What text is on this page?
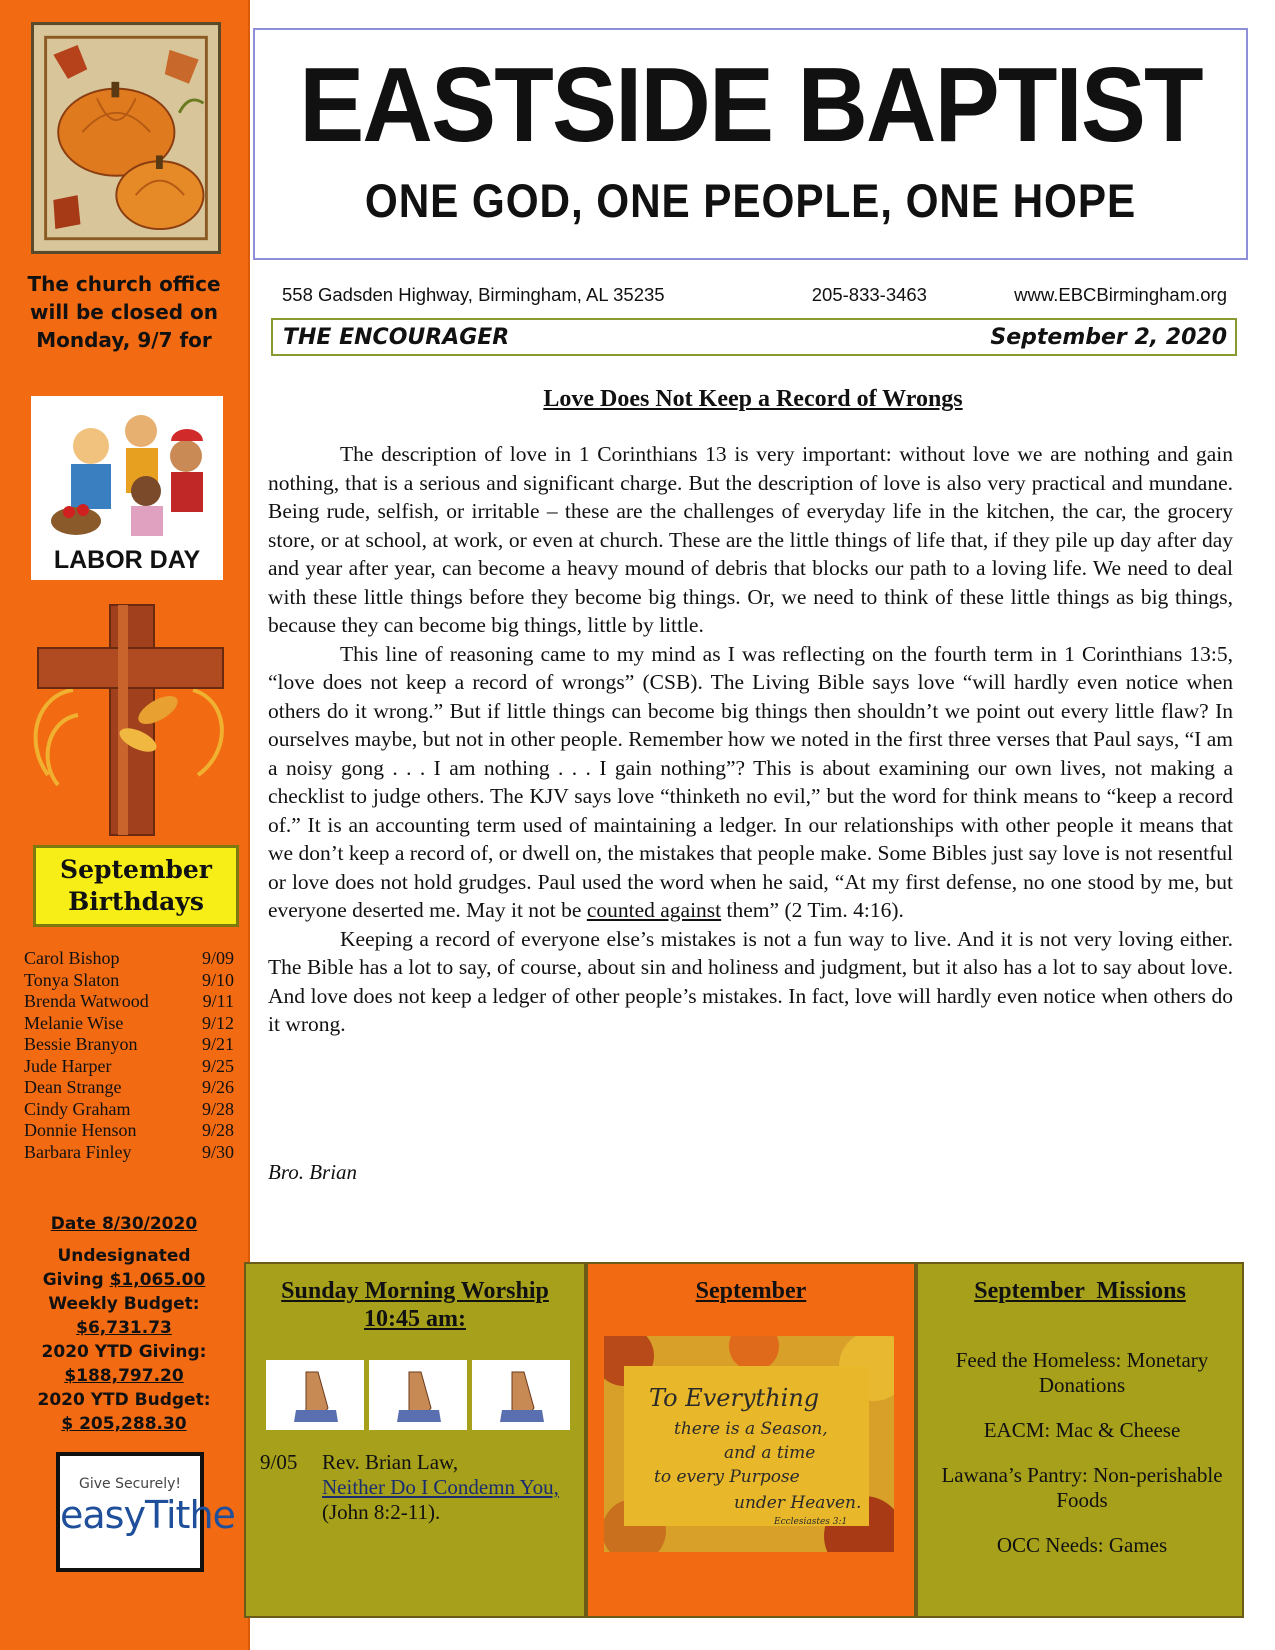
The church office will be closed on Monday, 9/7 for
LABOR DAY
September
Birthdays
Carol Bishop	9/09
Tonya Slaton	9/10
Brenda Watwood	9/11
Melanie Wise	9/12
Bessie Branyon	9/21
Jude Harper	9/25
Dean Strange	9/26
Cindy Graham	9/28
Donnie Henson	9/28
Barbara Finley	9/30
Date 8/30/2020
Undesignated
Giving $1,065.00
Weekly Budget:
$6,731.73
2020 YTD Giving:
$188,797.20
2020 YTD Budget:
$ 205,288.30
Give Securely!
easyTithe
EASTSIDE BAPTIST
ONE GOD, ONE PEOPLE, ONE HOPE
558 Gadsden Highway, Birmingham, AL 35235	205-833-3463	www.EBCBirmingham.org
THE ENCOURAGER	September 2, 2020
Love Does Not Keep a Record of Wrongs

The description of love in 1 Corinthians 13 is very important: without love we are nothing and gain nothing, that is a serious and significant charge. But the description of love is also very practical and mundane. Being rude, selfish, or irritable – these are the challenges of everyday life in the kitchen, the car, the grocery store, or at school, at work, or even at church. These are the little things of life that, if they pile up day after day and year after year, can become a heavy mound of debris that blocks our path to a loving life. We need to deal with these little things before they become big things. Or, we need to think of these little things as big things, because they can become big things, little by little.

This line of reasoning came to my mind as I was reflecting on the fourth term in 1 Corinthians 13:5, “love does not keep a record of wrongs” (CSB). The Living Bible says love “will hardly even notice when others do it wrong.” But if little things can become big things then shouldn’t we point out every little flaw? In ourselves maybe, but not in other people. Remember how we noted in the first three verses that Paul says, “I am a noisy gong . . . I am nothing . . . I gain nothing”? This is about examining our own lives, not making a checklist to judge others. The KJV says love “thinketh no evil,” but the word for think means to “keep a record of.” It is an accounting term used of maintaining a ledger. In our relationships with other people it means that we don’t keep a record of, or dwell on, the mistakes that people make. Some Bibles just say love is not resentful or love does not hold grudges. Paul used the word when he said, “At my first defense, no one stood by me, but everyone deserted me. May it not be counted against them” (2 Tim. 4:16).

Keeping a record of everyone else’s mistakes is not a fun way to live. And it is not very loving either. The Bible has a lot to say, of course, about sin and holiness and judgment, but it also has a lot to say about love. And love does not keep a ledger of other people’s mistakes. In fact, love will hardly even notice when others do it wrong.

Bro. Brian
Sunday Morning Worship
10:45 am:
9/05	Rev. Brian Law,
Neither Do I Condemn You, (John 8:2-11).
September
To Everything
there is a Season,
and a time
to every Purpose
under Heaven.
Ecclesiastes 3:1
September  Missions
Feed the Homeless: Monetary Donations
EACM: Mac & Cheese
Lawana’s Pantry: Non-perishable Foods
OCC Needs: Games
